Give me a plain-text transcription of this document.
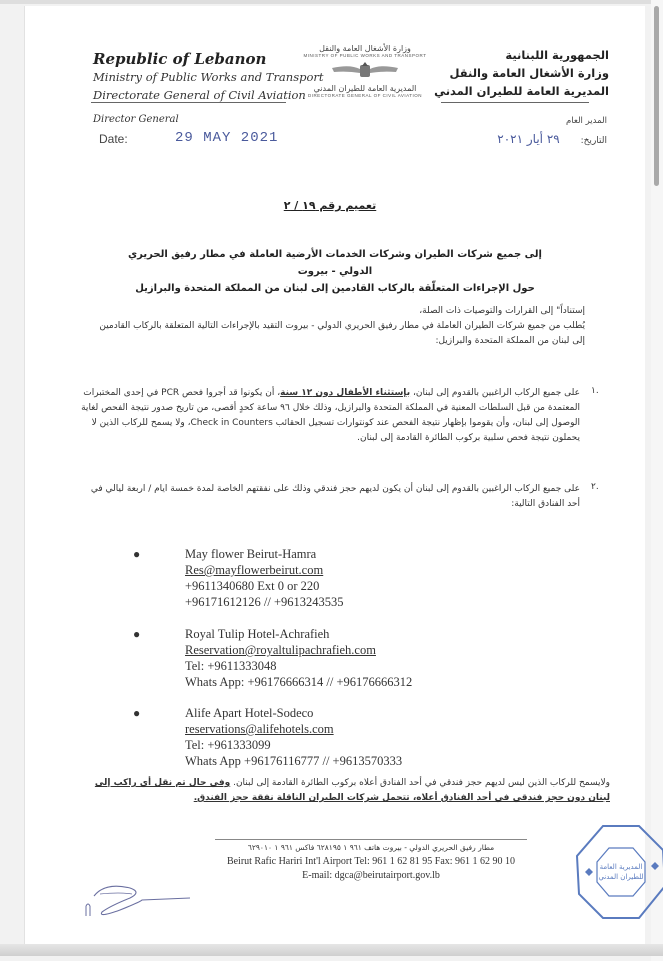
Republic of Lebanon
Ministry of Public Works and Transport
Directorate General of Civil Aviation
Director General
Date:	29 MAY 2021
وزارة الأشغال العامة والنقل
MINISTRY OF PUBLIC WORKS AND TRANSPORT
المديرية العامة للطيران المدني
DIRECTORATE GENERAL OF CIVIL AVIATION
الجمهورية اللبنانية
وزارة الأشغال العامة والنقل
المديرية العامة للطيران المدني
المدير العام
التاريخ: ٢٩ أيار ٢٠٢١
تعميم رقم ١٩ / ٢
إلى جميع شركات الطيران وشركات الخدمات الأرضية العاملة في مطار رفيق الحريري الدولي - بيروت
حول الإجراءات المتعلّقة بالركاب القادمين إلى لبنان من المملكة المتحدة والبرازيل
إستناداً" إلى القرارات والتوصيات ذات الصلة،
يُطلب من جميع شركات الطيران العاملة في مطار رفيق الحريري الدولي - بيروت التقيد بالإجراءات التالية المتعلقة بالركاب القادمين إلى لبنان من المملكة المتحدة والبرازيل:
١.
على جميع الركاب الراغبين بالقدوم إلى لبنان، بإستثناء الأطفال دون ١٢ سنة، أن يكونوا قد أجروا فحص PCR في إحدى المختبرات المعتمدة من قبل السلطات المعنية في المملكة المتحدة والبرازيل، وذلك خلال ٩٦ ساعة كحدٍ أقصى، من تاريخ صدور نتيجة الفحص لغاية الوصول إلى لبنان، وأن يقوموا بإظهار نتيجة الفحص عند كونتوارات تسجيل الحقائب Check in Counters، ولا يسمح للركاب الذين لا يحملون نتيجة فحص سلبية بركوب الطائرة القادمة إلى لبنان.
٢.
على جميع الركاب الراغبين بالقدوم إلى لبنان أن يكون لديهم حجز فندقي وذلك على نفقتهم الخاصة لمدة خمسة ايام / اربعة ليالي في أحد الفنادق التالية:
●	May flower Beirut-Hamra
Res@mayflowerbeirut.com
+9611340680 Ext 0 or 220
+96171612126 // +9613243535
●	Royal Tulip Hotel-Achrafieh
Reservation@royaltulipachrafieh.com
Tel: +9611333048
Whats App: +96176666314 // +96176666312
●	Alife Apart Hotel-Sodeco
reservations@alifehotels.com
Tel: +961333099
Whats App +96176116777 // +9613570333
ولايسمح للركاب الذين ليس لديهم حجز فندقي في أحد الفنادق أعلاه بركوب الطائرة القادمة إلى لبنان. وفي حال تم نقل أي راكب إلى لبنان دون حجز فندقي في أحد الفنادق أعلاه، تتحمل شركات الطيران الناقلة نفقة حجز الفندق.
مطار رفيق الحريري الدولي - بيروت هاتف ٩٦١ ١ ٦٢٨١٩٥ فاكس ٩٦١ ١ ٦٢٩٠١٠
Beirut Rafic Hariri Int'l Airport Tel: 961 1 62 81 95 Fax: 961 1 62 90 10
E-mail: dgca@beirutairport.gov.lb
المديرية العامة
للطيران المدني
